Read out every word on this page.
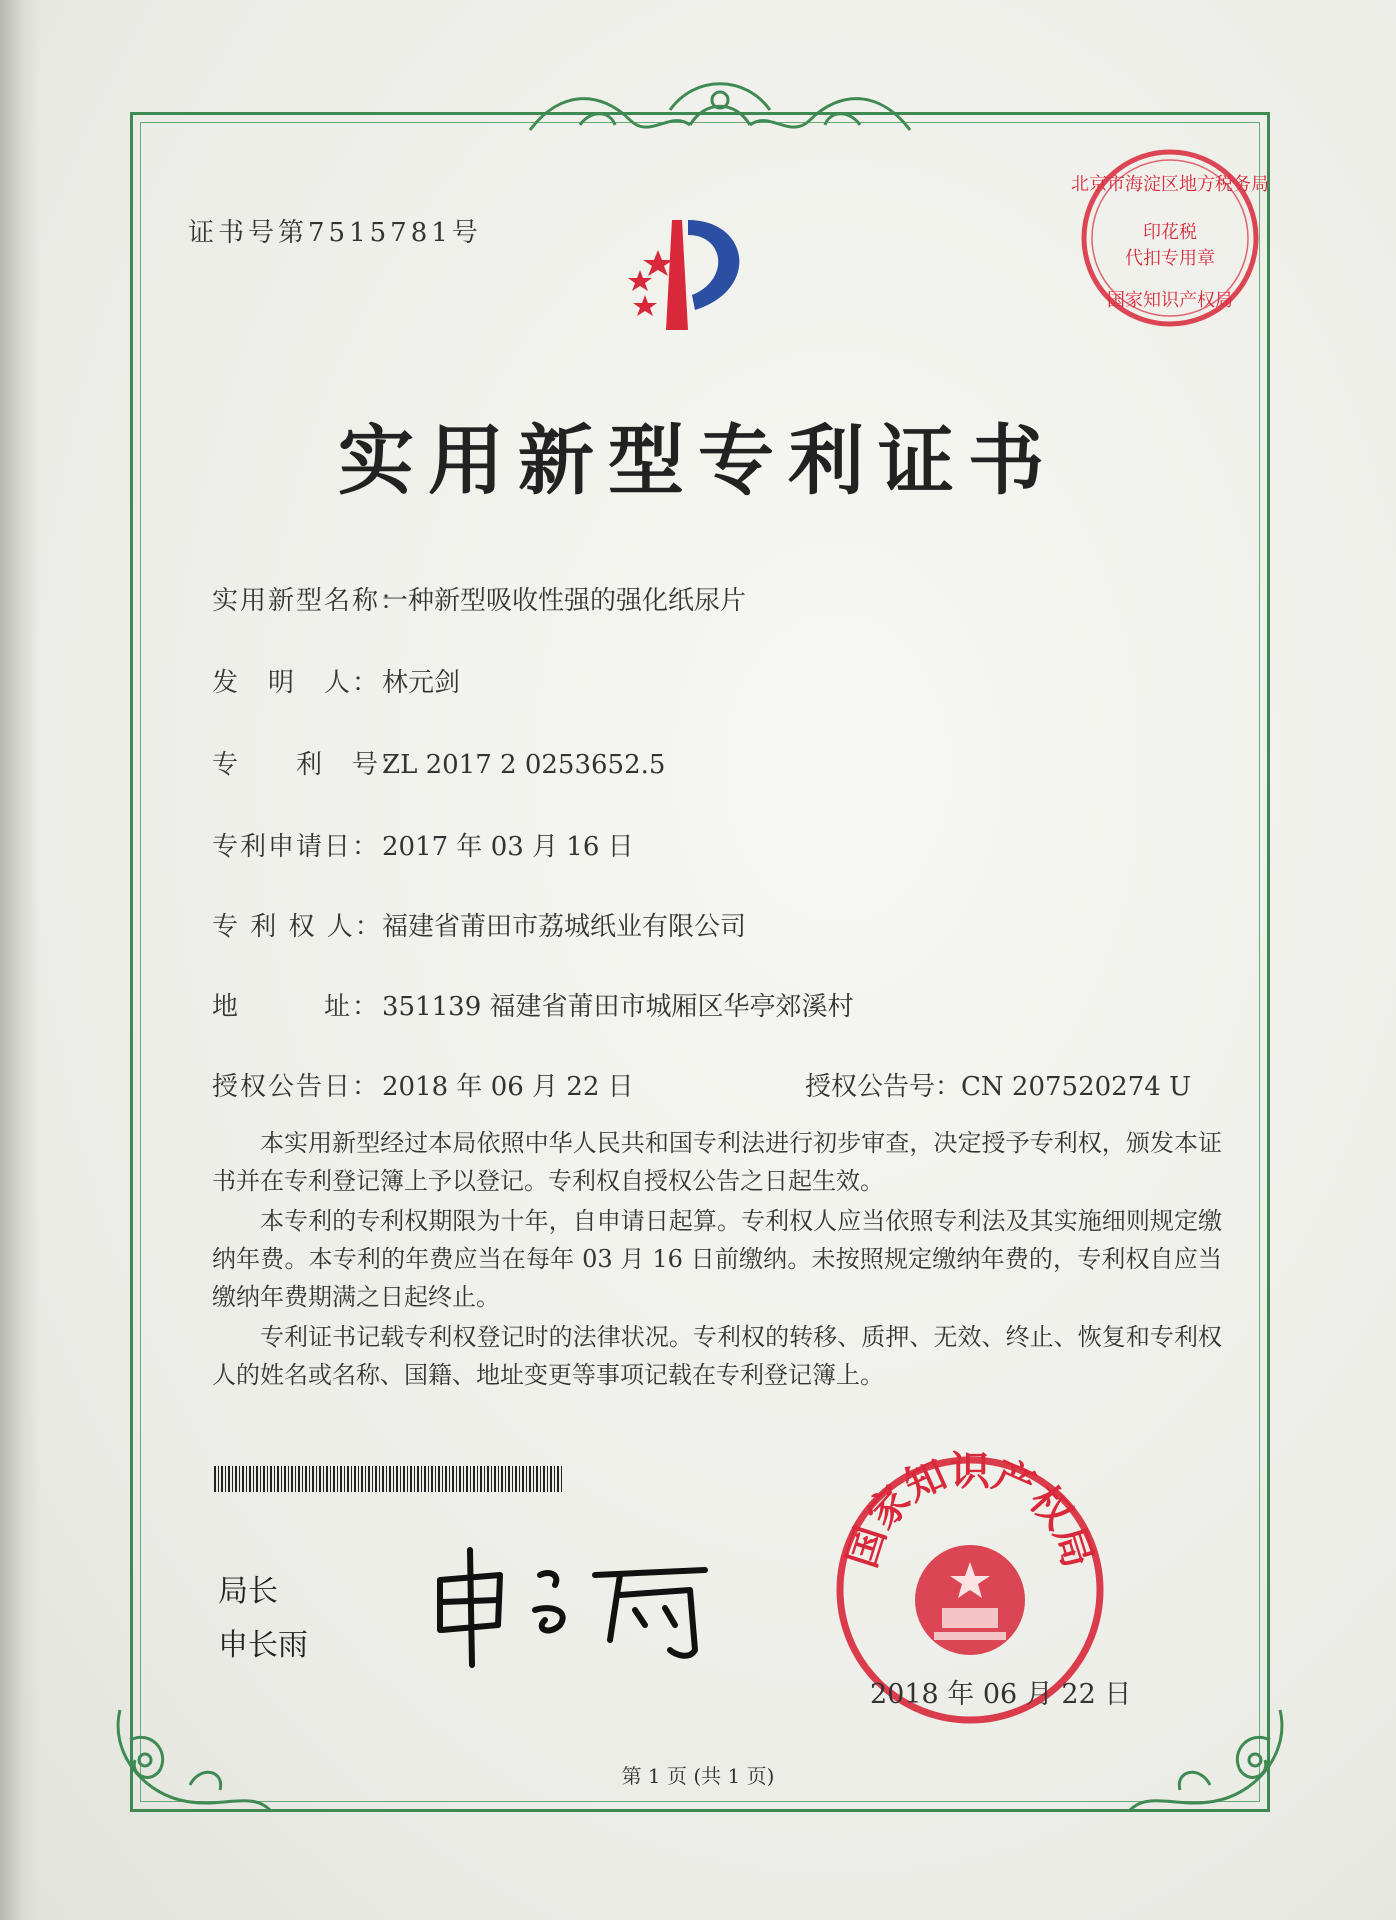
证书号第7515781号
北京市海淀区地方税务局
印花税
代扣专用章
国家知识产权局
实用新型专利证书
实用新型名称：一种新型吸收性强的强化纸尿片
发　明　人：林元剑
专　　利　号：ZL 2017 2 0253652.5
专利申请日：2017 年 03 月 16 日
专 利 权 人：福建省莆田市荔城纸业有限公司
地　　　址：351139 福建省莆田市城厢区华亭郊溪村
授权公告日：2018 年 06 月 22 日	授权公告号：CN 207520274 U
本实用新型经过本局依照中华人民共和国专利法进行初步审查，决定授予专利权，颁发本证书并在专利登记簿上予以登记。专利权自授权公告之日起生效。
本专利的专利权期限为十年，自申请日起算。专利权人应当依照专利法及其实施细则规定缴纳年费。本专利的年费应当在每年 03 月 16 日前缴纳。未按照规定缴纳年费的，专利权自应当缴纳年费期满之日起终止。
专利证书记载专利权登记时的法律状况。专利权的转移、质押、无效、终止、恢复和专利权人的姓名或名称、国籍、地址变更等事项记载在专利登记簿上。
局长
申长雨
国家知识产权局
2018 年 06 月 22 日
第 1 页 (共 1 页)
